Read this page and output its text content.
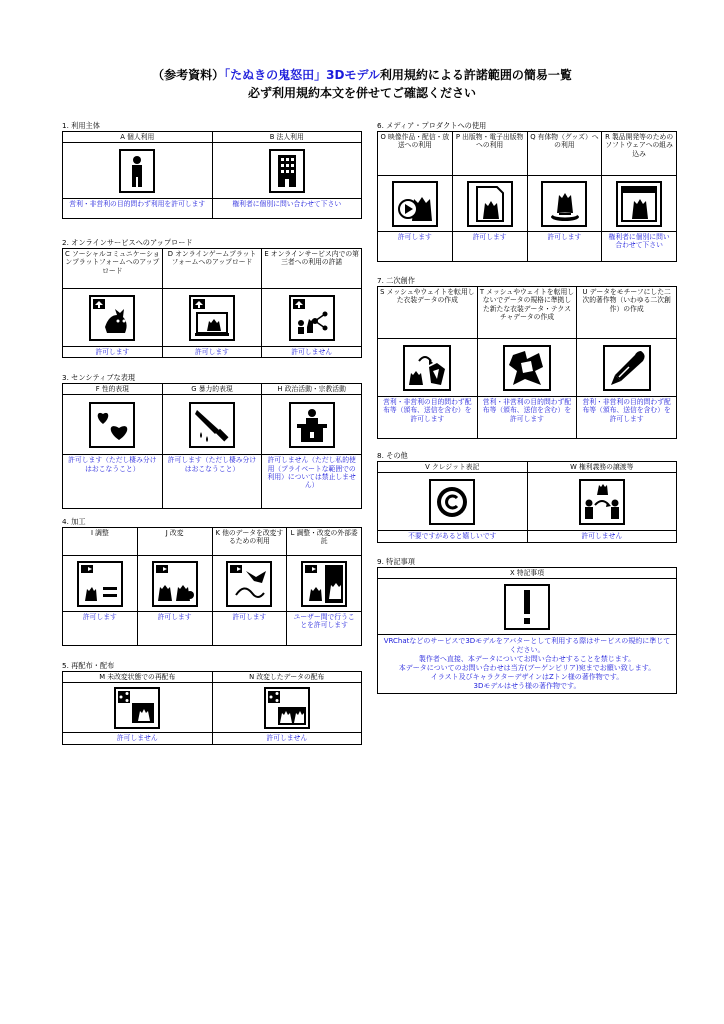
（参考資料）「たぬきの鬼怒田」3Dモデル利用規約による許諾範囲の簡易一覧
必ず利用規約本文を併せてご確認ください
1. 利用主体
A 個人利用	B 法人利用

営利・非営利の目的問わず利用を許可します	権利者に個別に問い合わせて下さい
2. オンラインサービスへのアップロード
C ソーシャルコミュニケーションプラットフォームへのアップロード	D オンラインゲームプラットフォームへのアップロード	E オンラインサービス内での第三者への利用の許諾

許可します	許可します	許可しません
3. センシティブな表現
F 性的表現	G 暴力的表現	H 政治活動・宗教活動

許可します（ただし棲み分けはおこなうこと）	許可します（ただし棲み分けはおこなうこと）	許可しません（ただし私的使用（プライベートな範囲での利用）については禁止しません）
4. 加工
I 調整	J 改変	K 他のデータを改変するための利用	L 調整・改変の外部委託

許可します	許可します	許可します	ユーザー間で行うことを許可します
5. 再配布・配布
M 未改変状態での再配布	N 改変したデータの配布

許可しません	許可しません
6. メディア・プロダクトへの使用
O 映像作品・配信・放送への利用	P 出版物・電子出版物への利用	Q 有体物（グッズ）への利用	R 製品開発等のためのソフトウェアへの組み込み

許可します	許可します	許可します	権利者に個別に問い合わせて下さい
7. 二次創作
S メッシュやウェイトを転用した衣装データの作成	T メッシュやウェイトを転用しないでデータの規格に準拠した新たな衣装データ・テクスチャデータの作成	U データをモチーフにした二次的著作物（いわゆる二次創作）の作成

営利・非営利の目的問わず配布等（頒布、送信を含む）を許可します	営利・非営利の目的問わず配布等（頒布、送信を含む）を許可します	営利・非営利の目的問わず配布等（頒布、送信を含む）を許可します
8. その他
V クレジット表記	W 権利義務の譲渡等

不要ですがあると嬉しいです	許可しません
9. 特記事項
X 特記事項

VRChatなどのサービスで3Dモデルをアバターとして利用する際はサービスの規約に準じてください。
製作者へ直接、本データについてお問い合わせすることを禁じます。
本データについてのお問い合わせは当方(ブーゲンビリア)宛までお願い致します。
イラスト及びキャラクターデザインはZトン様の著作物です。
3Dモデルはせう様の著作物です。
